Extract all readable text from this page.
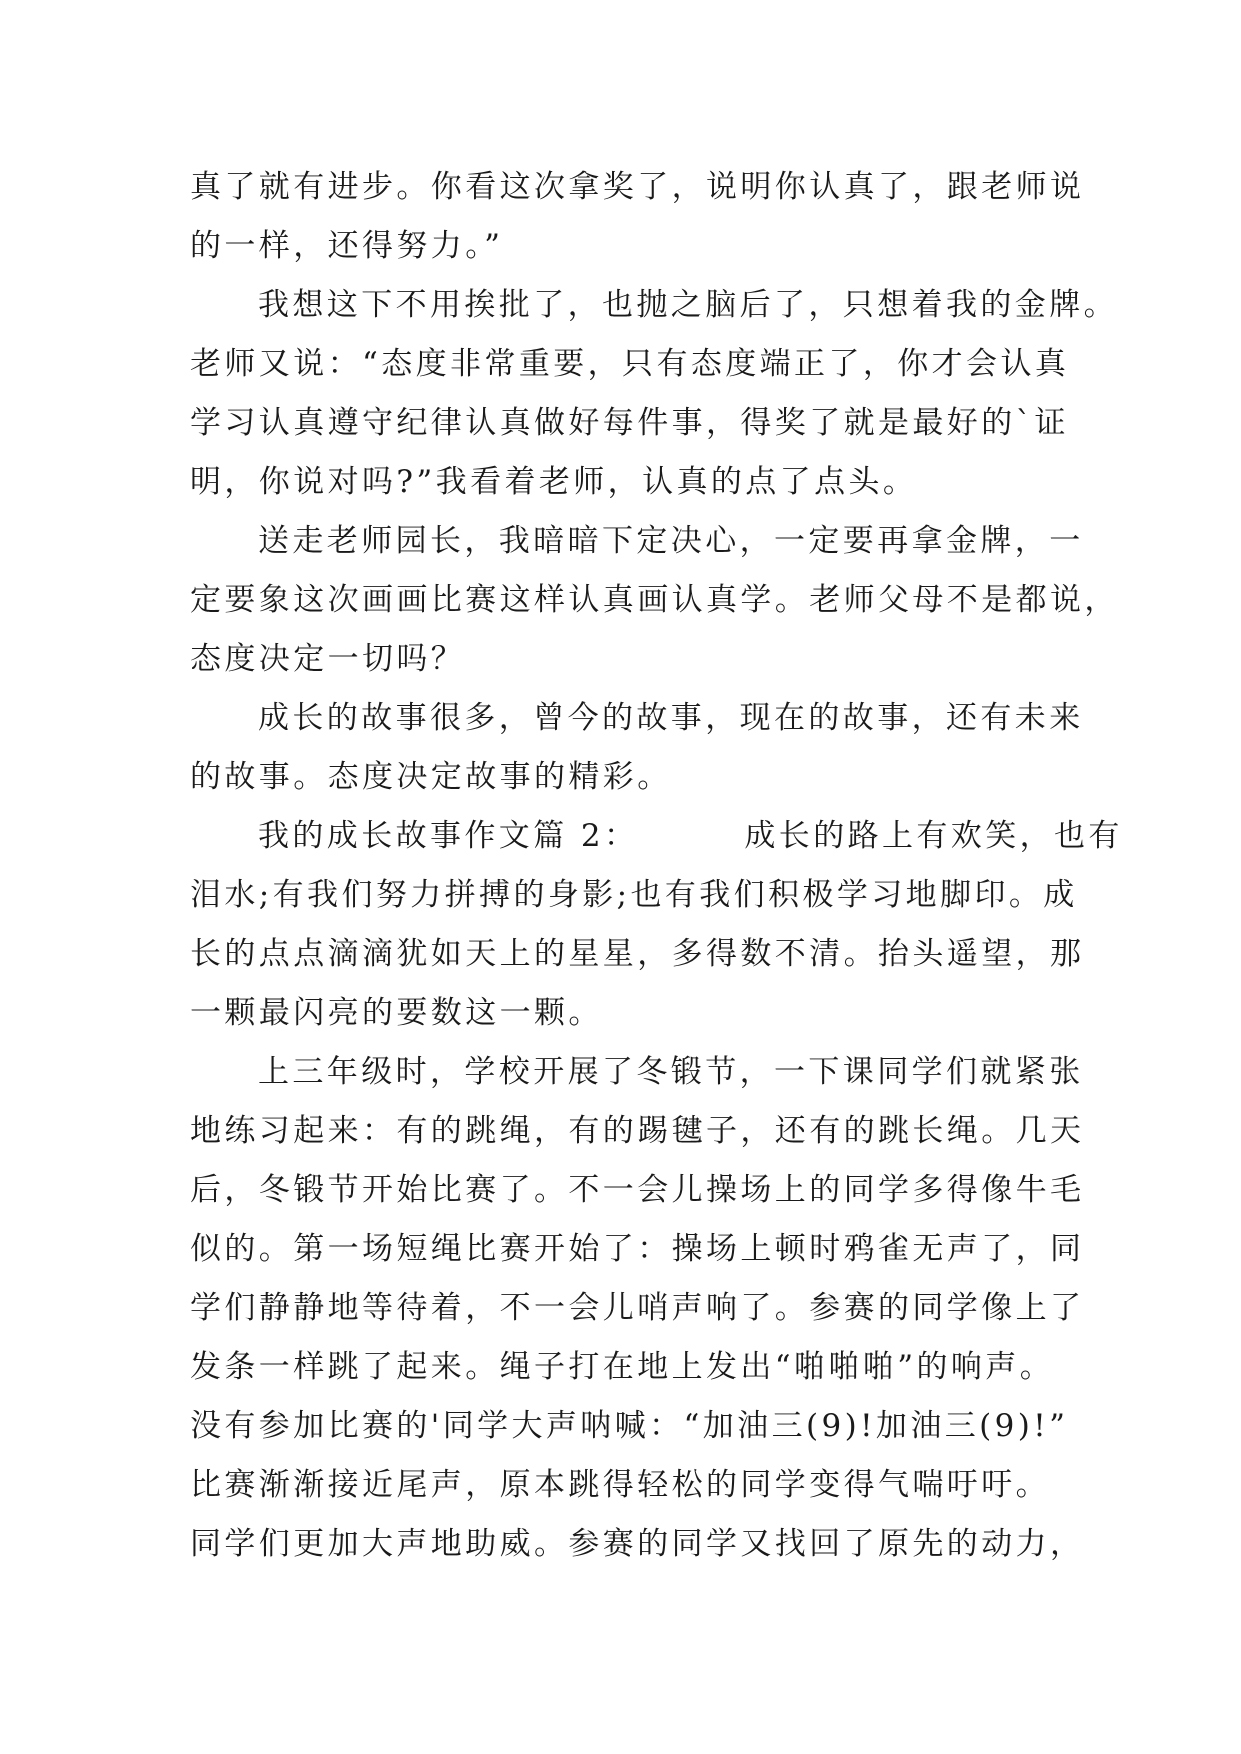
真了就有进步。你看这次拿奖了，说明你认真了，跟老师说
的一样，还得努力。”
我想这下不用挨批了，也抛之脑后了，只想着我的金牌。
老师又说：“态度非常重要，只有态度端正了，你才会认真
学习认真遵守纪律认真做好每件事，得奖了就是最好的`证
明，你说对吗?”我看着老师，认真的点了点头。
送走老师园长，我暗暗下定决心，一定要再拿金牌，一
定要象这次画画比赛这样认真画认真学。老师父母不是都说，
态度决定一切吗？
成长的故事很多，曾今的故事，现在的故事，还有未来
的故事。态度决定故事的精彩。
我的成长故事作文篇 2：        成长的路上有欢笑，也有
泪水;有我们努力拼搏的身影;也有我们积极学习地脚印。成
长的点点滴滴犹如天上的星星，多得数不清。抬头遥望，那
一颗最闪亮的要数这一颗。
上三年级时，学校开展了冬锻节，一下课同学们就紧张
地练习起来：有的跳绳，有的踢毽子，还有的跳长绳。几天
后，冬锻节开始比赛了。不一会儿操场上的同学多得像牛毛
似的。第一场短绳比赛开始了：操场上顿时鸦雀无声了，同
学们静静地等待着，不一会儿哨声响了。参赛的同学像上了
发条一样跳了起来。绳子打在地上发出“啪啪啪”的响声。
没有参加比赛的'同学大声呐喊：“加油三(9)!加油三(9)!”
比赛渐渐接近尾声，原本跳得轻松的同学变得气喘吁吁。
同学们更加大声地助威。参赛的同学又找回了原先的动力，
